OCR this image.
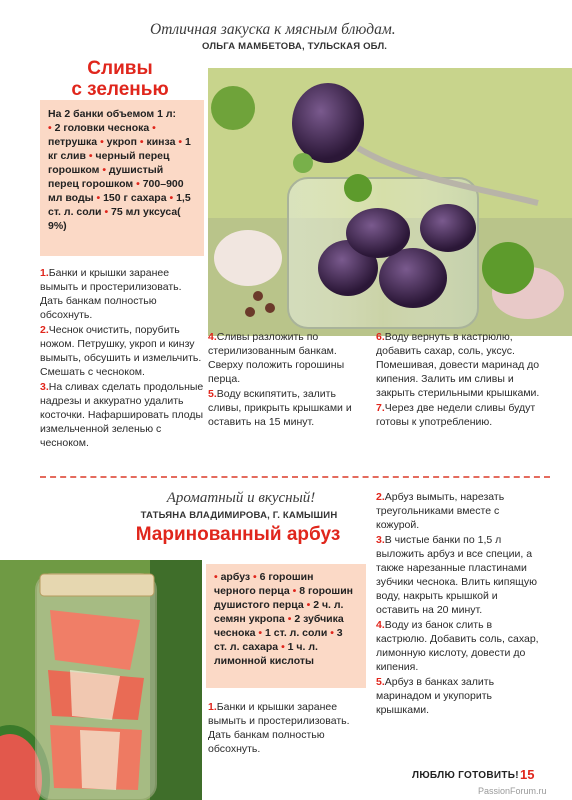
Отличная закуска к мясным блюдам.
ОЛЬГА МАМБЕТОВА, ТУЛЬСКАЯ ОБЛ.
Сливы
с зеленью
На 2 банки объемом 1 л:
• 2 головки чеснока • петрушка • укроп • кинза • 1 кг слив • черный перец горошком • душистый перец горошком • 700–900 мл воды • 150 г сахара • 1,5 ст. л. соли • 75 мл уксуса( 9%)

1.Банки и крышки заранее вымыть и простерилизовать. Дать банкам полностью обсохнуть.

2.Чеснок очистить, порубить ножом. Петрушку, укроп и кинзу вымыть, обсушить и измельчить. Смешать с чесноком.

3.На сливах сделать продольные надрезы и аккуратно удалить косточки. Нафаршировать плоды измельченной зеленью с чесноком.

4.Сливы разложить по стерилизованным банкам. Сверху положить горошины перца.

5.Воду вскипятить, залить сливы, прикрыть крышками и оставить на 15 минут.

6.Воду вернуть в кастрюлю, добавить сахар, соль, уксус. Помешивая, довести маринад до кипения. Залить им сливы и закрыть стерильными крышками.

7.Через две недели сливы будут готовы к употреблению.

Ароматный и вкусный!
ТАТЬЯНА ВЛАДИМИРОВА, Г. КАМЫШИН
Маринованный арбуз
• арбуз • 6 горошин черного перца • 8 горошин душистого перца • 2 ч. л. семян укропа • 2 зубчика чеснока • 1 ст. л. соли • 3 ст. л. сахара • 1 ч. л. лимонной кислоты

1.Банки и крышки заранее вымыть и простерилизовать. Дать банкам полностью обсохнуть.

2.Арбуз вымыть, нарезать треугольниками вместе с кожурой.

3.В чистые банки по 1,5 л выложить арбуз и все специи, а также нарезанные пластинами зубчики чеснока. Влить кипящую воду, накрыть крышкой и оставить на 20 минут.

4.Воду из банок слить в кастрюлю. Добавить соль, сахар, лимонную кислоту, довести до кипения.

5.Арбуз в банках залить маринадом и укупорить крышками.

ЛЮБЛЮ ГОТОВИТЬ! 15
PassionForum.ru
